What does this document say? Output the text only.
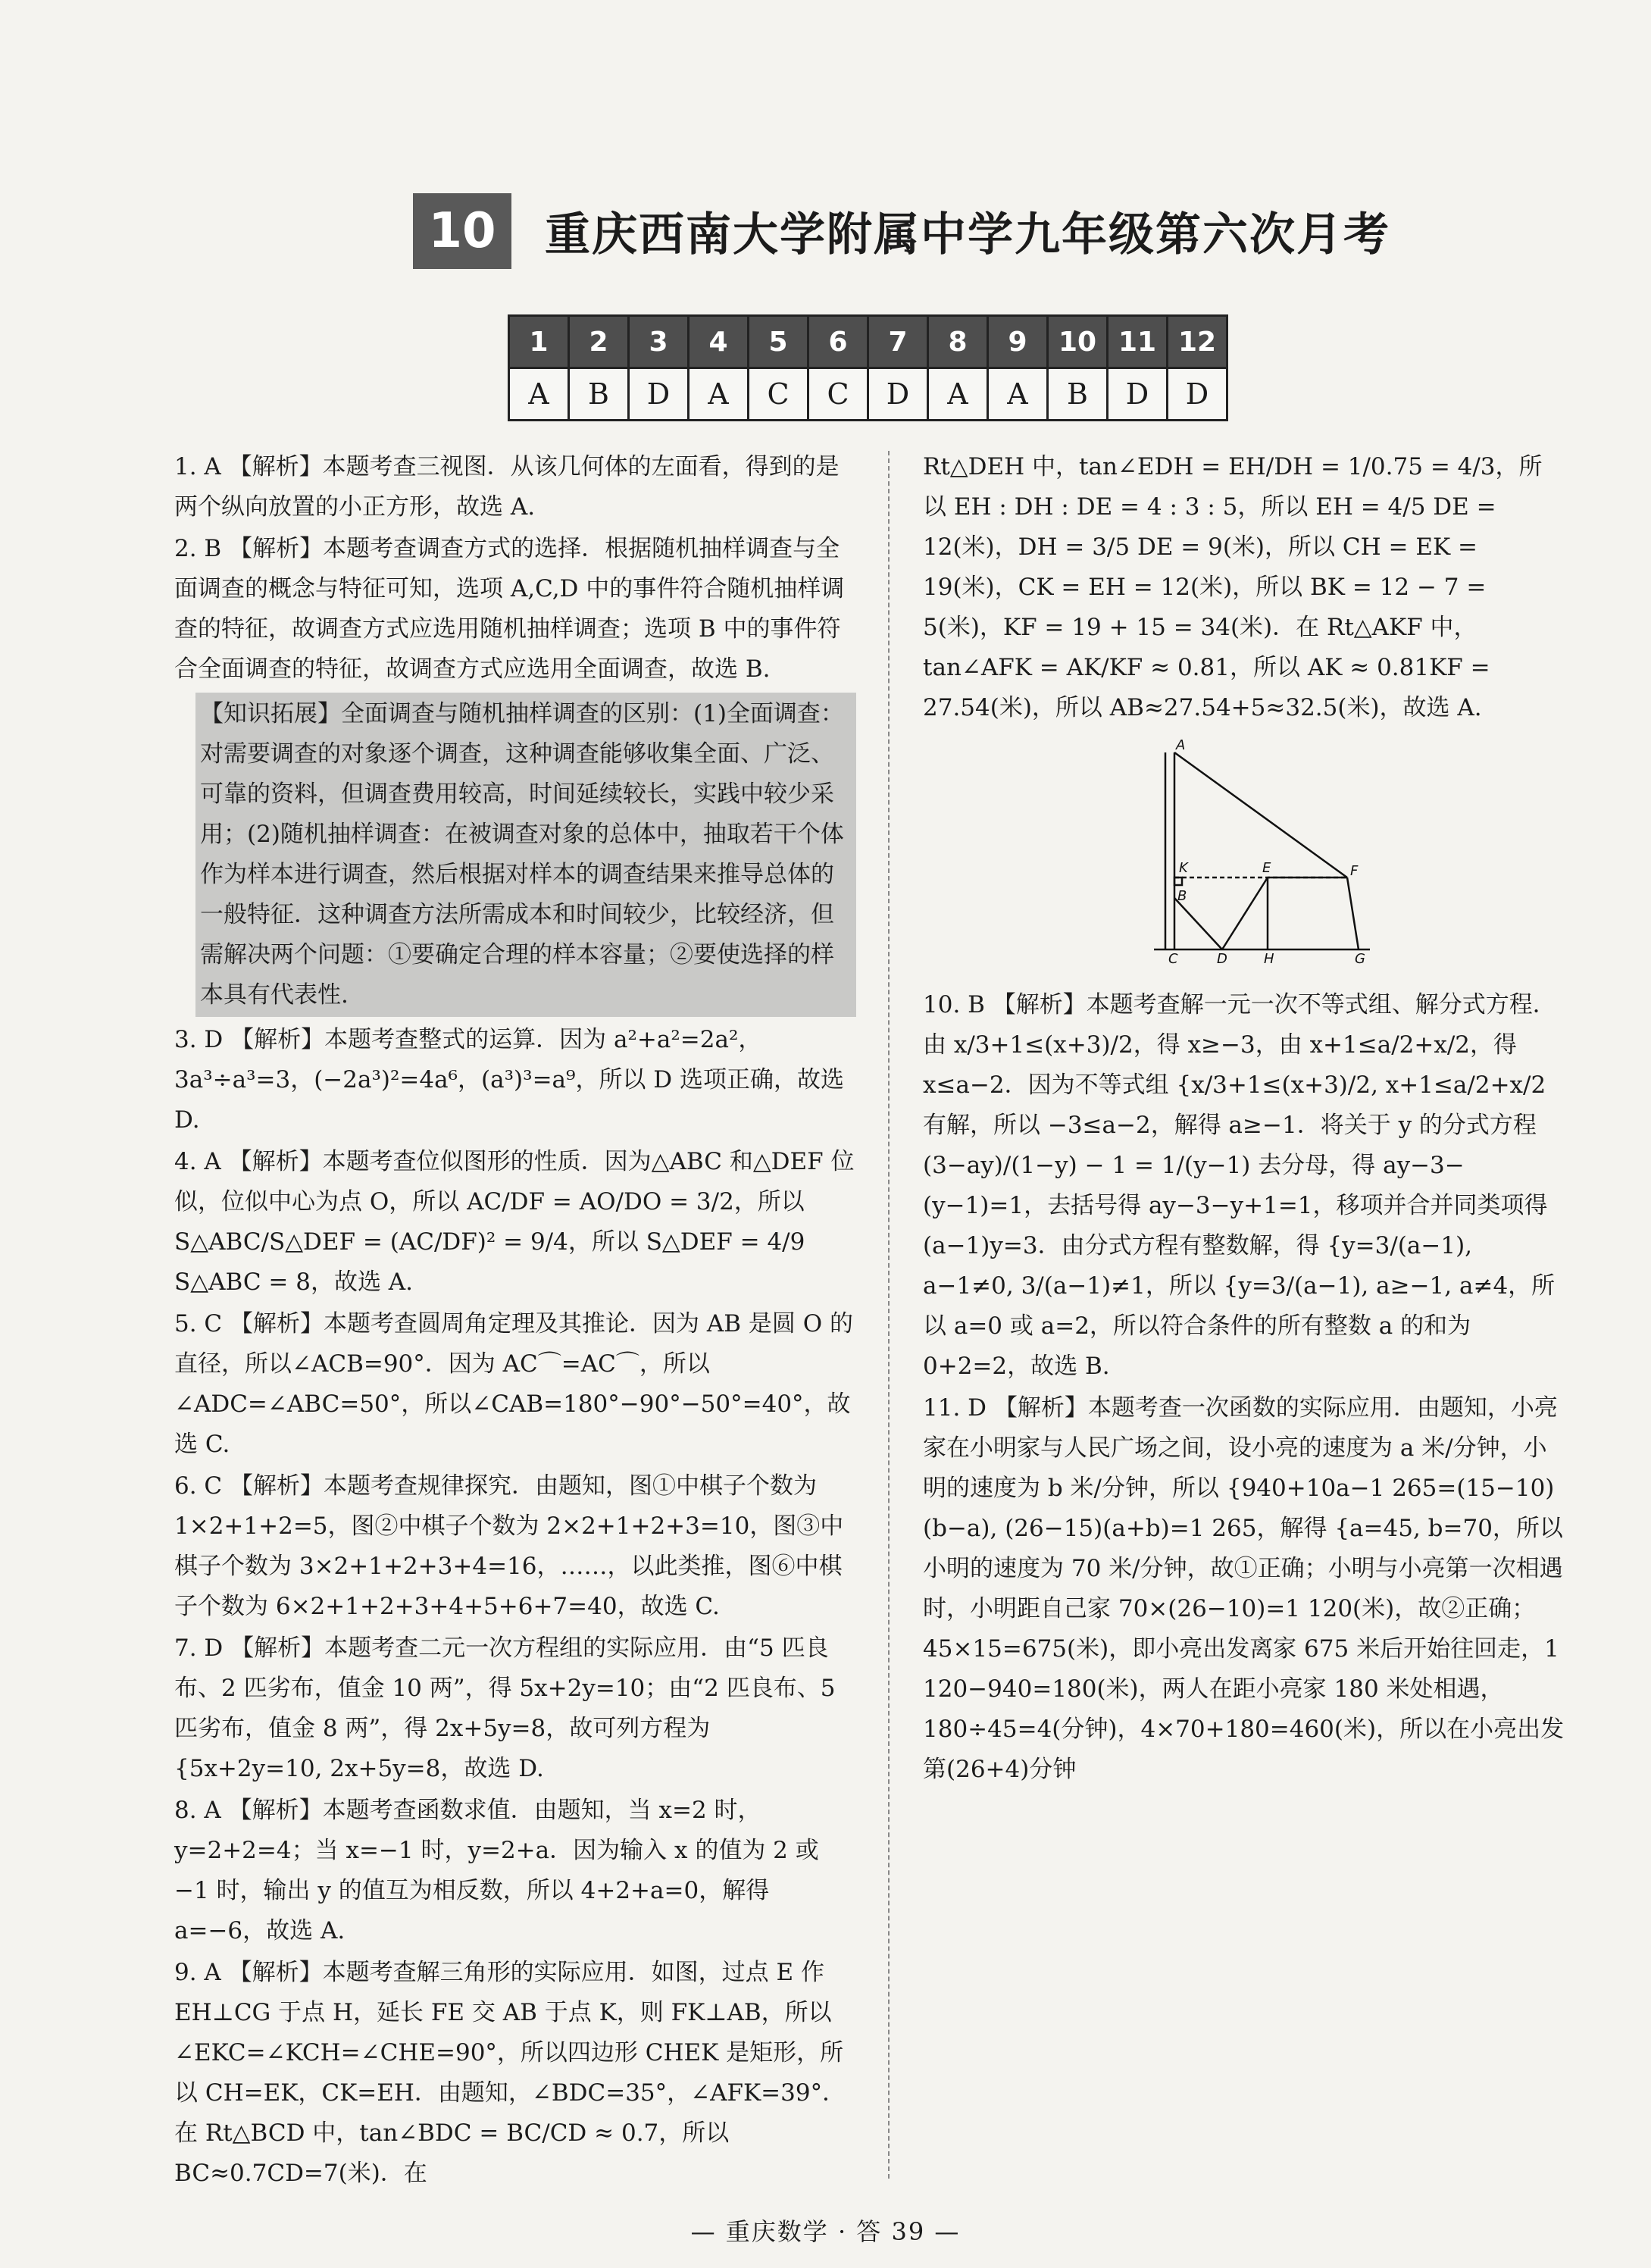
10	重庆西南大学附属中学九年级第六次月考
1	2	3	4	5	6	7	8	9	10	11	12
A	B	D	A	C	C	D	A	A	B	D	D

1. A 【解析】本题考查三视图．从该几何体的左面看，得到的是两个纵向放置的小正方形，故选 A.

2. B 【解析】本题考查调查方式的选择．根据随机抽样调查与全面调查的概念与特征可知，选项 A,C,D 中的事件符合随机抽样调查的特征，故调查方式应选用随机抽样调查；选项 B 中的事件符合全面调查的特征，故调查方式应选用全面调查，故选 B.

【知识拓展】全面调查与随机抽样调查的区别：(1)全面调查：对需要调查的对象逐个调查，这种调查能够收集全面、广泛、可靠的资料，但调查费用较高，时间延续较长，实践中较少采用；(2)随机抽样调查：在被调查对象的总体中，抽取若干个体作为样本进行调查，然后根据对样本的调查结果来推导总体的一般特征．这种调查方法所需成本和时间较少，比较经济，但需解决两个问题：①要确定合理的样本容量；②要使选择的样本具有代表性.

3. D 【解析】本题考查整式的运算．因为 a²+a²=2a²，3a³÷a³=3，(−2a³)²=4a⁶，(a³)³=a⁹，所以 D 选项正确，故选 D.

4. A 【解析】本题考查位似图形的性质．因为△ABC 和△DEF 位似，位似中心为点 O，所以 AC/DF = AO/DO = 3/2，所以 S△ABC/S△DEF = (AC/DF)² = 9/4，所以 S△DEF = 4/9 S△ABC = 8，故选 A.

5. C 【解析】本题考查圆周角定理及其推论．因为 AB 是圆 O 的直径，所以∠ACB=90°．因为 AC⌒=AC⌒，所以∠ADC=∠ABC=50°，所以∠CAB=180°−90°−50°=40°，故选 C.

6. C 【解析】本题考查规律探究．由题知，图①中棋子个数为 1×2+1+2=5，图②中棋子个数为 2×2+1+2+3=10，图③中棋子个数为 3×2+1+2+3+4=16，……，以此类推，图⑥中棋子个数为 6×2+1+2+3+4+5+6+7=40，故选 C.

7. D 【解析】本题考查二元一次方程组的实际应用．由“5 匹良布、2 匹劣布，值金 10 两”，得 5x+2y=10；由“2 匹良布、5 匹劣布，值金 8 两”，得 2x+5y=8，故可列方程为 {5x+2y=10, 2x+5y=8，故选 D.

8. A 【解析】本题考查函数求值．由题知，当 x=2 时，y=2+2=4；当 x=−1 时，y=2+a．因为输入 x 的值为 2 或 −1 时，输出 y 的值互为相反数，所以 4+2+a=0，解得 a=−6，故选 A.

9. A 【解析】本题考查解三角形的实际应用．如图，过点 E 作 EH⊥CG 于点 H，延长 FE 交 AB 于点 K，则 FK⊥AB，所以∠EKC=∠KCH=∠CHE=90°，所以四边形 CHEK 是矩形，所以 CH=EK，CK=EH．由题知，∠BDC=35°，∠AFK=39°．在 Rt△BCD 中，tan∠BDC = BC/CD ≈ 0.7，所以 BC≈0.7CD=7(米)．在

Rt△DEH 中，tan∠EDH = EH/DH = 1/0.75 = 4/3，所以 EH : DH : DE = 4 : 3 : 5，所以 EH = 4/5 DE = 12(米)，DH = 3/5 DE = 9(米)，所以 CH = EK = 19(米)，CK = EH = 12(米)，所以 BK = 12 − 7 = 5(米)，KF = 19 + 15 = 34(米)．在 Rt△AKF 中，tan∠AFK = AK/KF ≈ 0.81，所以 AK ≈ 0.81KF = 27.54(米)，所以 AB≈27.54+5≈32.5(米)，故选 A.

A
K
B
E	F
C	D	H	G

10. B 【解析】本题考查解一元一次不等式组、解分式方程．由 x/3+1≤(x+3)/2，得 x≥−3，由 x+1≤a/2+x/2，得 x≤a−2．因为不等式组 {x/3+1≤(x+3)/2, x+1≤a/2+x/2 有解，所以 −3≤a−2，解得 a≥−1．将关于 y 的分式方程 (3−ay)/(1−y) − 1 = 1/(y−1) 去分母，得 ay−3−(y−1)=1，去括号得 ay−3−y+1=1，移项并合并同类项得 (a−1)y=3．由分式方程有整数解，得 {y=3/(a−1), a−1≠0, 3/(a−1)≠1，所以 {y=3/(a−1), a≥−1, a≠4，所以 a=0 或 a=2，所以符合条件的所有整数 a 的和为 0+2=2，故选 B.

11. D 【解析】本题考查一次函数的实际应用．由题知，小亮家在小明家与人民广场之间，设小亮的速度为 a 米/分钟，小明的速度为 b 米/分钟，所以 {940+10a−1 265=(15−10)(b−a), (26−15)(a+b)=1 265，解得 {a=45, b=70，所以小明的速度为 70 米/分钟，故①正确；小明与小亮第一次相遇时，小明距自己家 70×(26−10)=1 120(米)，故②正确；45×15=675(米)，即小亮出发离家 675 米后开始往回走，1 120−940=180(米)，两人在距小亮家 180 米处相遇，180÷45=4(分钟)，4×70+180=460(米)，所以在小亮出发第(26+4)分钟

— 重庆数学 · 答 39 —
